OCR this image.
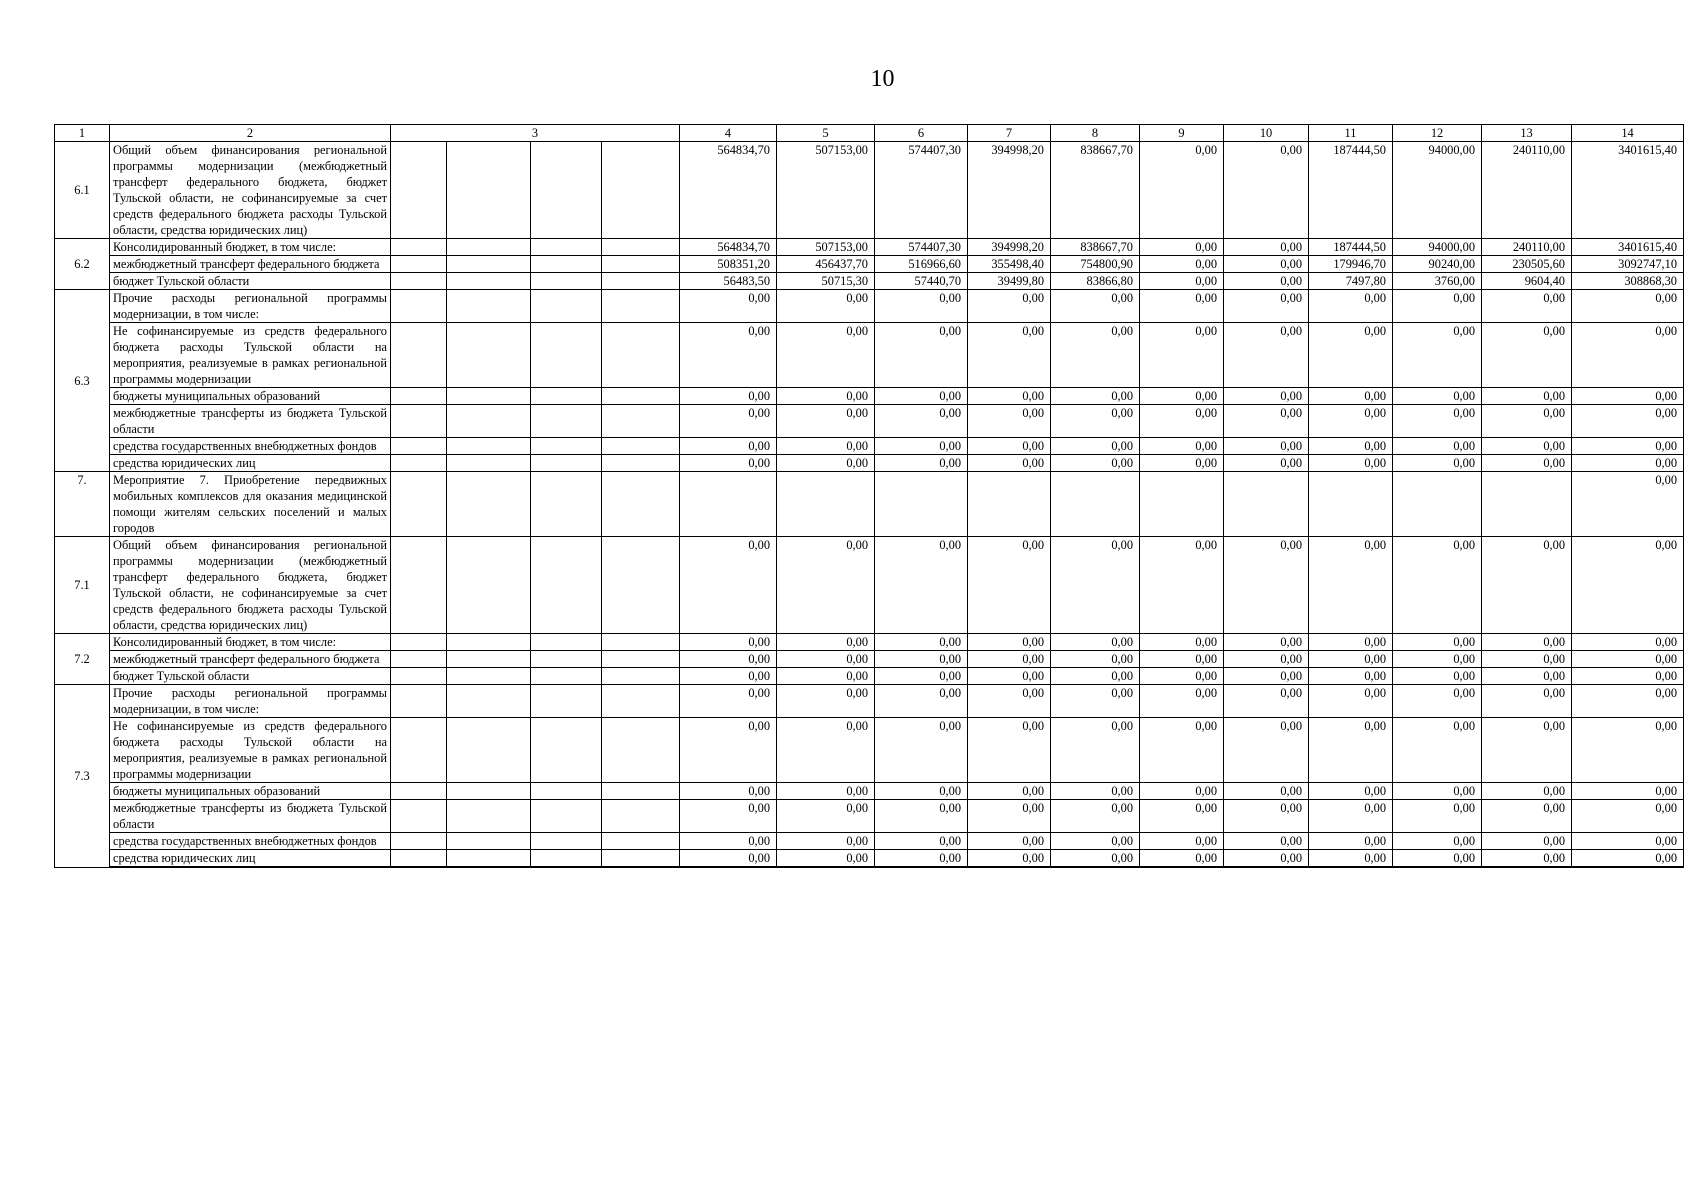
10
1	2	3				4	5	6	7	8	9	10	11	12	13	14
6.1	Общий объем финансирования региональной программы модернизации (межбюджетный трансферт федерального бюджета, бюджет Тульской области, не софинансируемые за счет средств федерального бюджета расходы Тульской области, средства юридических лиц)					564834,70	507153,00	574407,30	394998,20	838667,70	0,00	0,00	187444,50	94000,00	240110,00	3401615,40
6.2	Консолидированный бюджет, в том числе:					564834,70	507153,00	574407,30	394998,20	838667,70	0,00	0,00	187444,50	94000,00	240110,00	3401615,40
	межбюджетный трансферт федерального бюджета					508351,20	456437,70	516966,60	355498,40	754800,90	0,00	0,00	179946,70	90240,00	230505,60	3092747,10
	бюджет Тульской области					56483,50	50715,30	57440,70	39499,80	83866,80	0,00	0,00	7497,80	3760,00	9604,40	308868,30
6.3	Прочие расходы региональной программы модернизации, в том числе:					0,00	0,00	0,00	0,00	0,00	0,00	0,00	0,00	0,00	0,00	0,00
	Не софинансируемые из средств федерального бюджета расходы Тульской области на мероприятия, реализуемые в рамках региональной программы модернизации					0,00	0,00	0,00	0,00	0,00	0,00	0,00	0,00	0,00	0,00	0,00
	бюджеты муниципальных образований					0,00	0,00	0,00	0,00	0,00	0,00	0,00	0,00	0,00	0,00	0,00
	межбюджетные трансферты из бюджета Тульской области					0,00	0,00	0,00	0,00	0,00	0,00	0,00	0,00	0,00	0,00	0,00
	средства государственных внебюджетных фондов					0,00	0,00	0,00	0,00	0,00	0,00	0,00	0,00	0,00	0,00	0,00
	средства юридических лиц					0,00	0,00	0,00	0,00	0,00	0,00	0,00	0,00	0,00	0,00	0,00
7.	Мероприятие 7. Приобретение передвижных мобильных комплексов для оказания медицинской помощи жителям сельских поселений и малых городов															0,00
7.1	Общий объем финансирования региональной программы модернизации (межбюджетный трансферт федерального бюджета, бюджет Тульской области, не софинансируемые за счет средств федерального бюджета расходы Тульской области, средства юридических лиц)					0,00	0,00	0,00	0,00	0,00	0,00	0,00	0,00	0,00	0,00	0,00
7.2	Консолидированный бюджет, в том числе:					0,00	0,00	0,00	0,00	0,00	0,00	0,00	0,00	0,00	0,00	0,00
	межбюджетный трансферт федерального бюджета					0,00	0,00	0,00	0,00	0,00	0,00	0,00	0,00	0,00	0,00	0,00
	бюджет Тульской области					0,00	0,00	0,00	0,00	0,00	0,00	0,00	0,00	0,00	0,00	0,00
7.3	Прочие расходы региональной программы модернизации, в том числе:					0,00	0,00	0,00	0,00	0,00	0,00	0,00	0,00	0,00	0,00	0,00
	Не софинансируемые из средств федерального бюджета расходы Тульской области на мероприятия, реализуемые в рамках региональной программы модернизации					0,00	0,00	0,00	0,00	0,00	0,00	0,00	0,00	0,00	0,00	0,00
	бюджеты муниципальных образований					0,00	0,00	0,00	0,00	0,00	0,00	0,00	0,00	0,00	0,00	0,00
	межбюджетные трансферты из бюджета Тульской области					0,00	0,00	0,00	0,00	0,00	0,00	0,00	0,00	0,00	0,00	0,00
	средства государственных внебюджетных фондов					0,00	0,00	0,00	0,00	0,00	0,00	0,00	0,00	0,00	0,00	0,00
	средства юридических лиц					0,00	0,00	0,00	0,00	0,00	0,00	0,00	0,00	0,00	0,00	0,00
